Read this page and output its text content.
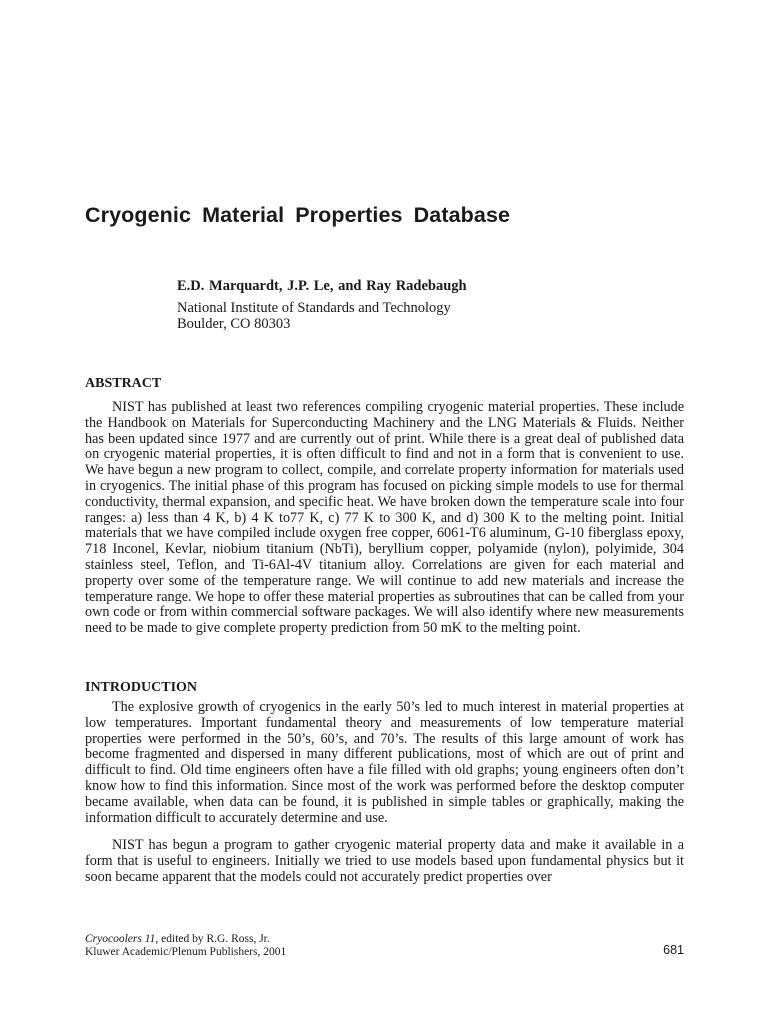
Cryogenic Material Properties Database
E.D. Marquardt, J.P. Le, and Ray Radebaugh
National Institute of Standards and Technology
Boulder, CO 80303
ABSTRACT

NIST has published at least two references compiling cryogenic material properties. These include the Handbook on Materials for Superconducting Machinery and the LNG Materials & Fluids. Neither has been updated since 1977 and are currently out of print. While there is a great deal of published data on cryogenic material properties, it is often difficult to find and not in a form that is convenient to use. We have begun a new program to collect, compile, and correlate property information for materials used in cryogenics. The initial phase of this program has focused on picking simple models to use for thermal conductivity, thermal expansion, and specific heat. We have broken down the temperature scale into four ranges: a) less than 4 K, b) 4 K to77 K, c) 77 K to 300 K, and d) 300 K to the melting point. Initial materials that we have compiled include oxygen free copper, 6061-T6 aluminum, G-10 fiberglass epoxy, 718 Inconel, Kevlar, niobium titanium (NbTi), beryllium copper, polyamide (nylon), polyimide, 304 stainless steel, Teflon, and Ti-6Al-4V titanium alloy. Correlations are given for each material and property over some of the temperature range. We will continue to add new materials and increase the temperature range. We hope to offer these material properties as subroutines that can be called from your own code or from within commercial software packages. We will also identify where new measurements need to be made to give complete property prediction from 50 mK to the melting point.

INTRODUCTION

The explosive growth of cryogenics in the early 50’s led to much interest in material properties at low temperatures. Important fundamental theory and measurements of low temperature material properties were performed in the 50’s, 60’s, and 70’s. The results of this large amount of work has become fragmented and dispersed in many different publications, most of which are out of print and difficult to find. Old time engineers often have a file filled with old graphs; young engineers often don’t know how to find this information. Since most of the work was performed before the desktop computer became available, when data can be found, it is published in simple tables or graphically, making the information difficult to accurately determine and use.

NIST has begun a program to gather cryogenic material property data and make it available in a form that is useful to engineers. Initially we tried to use models based upon fundamental physics but it soon became apparent that the models could not accurately predict properties over

Cryocoolers 11, edited by R.G. Ross, Jr.
Kluwer Academic/Plenum Publishers, 2001	681
